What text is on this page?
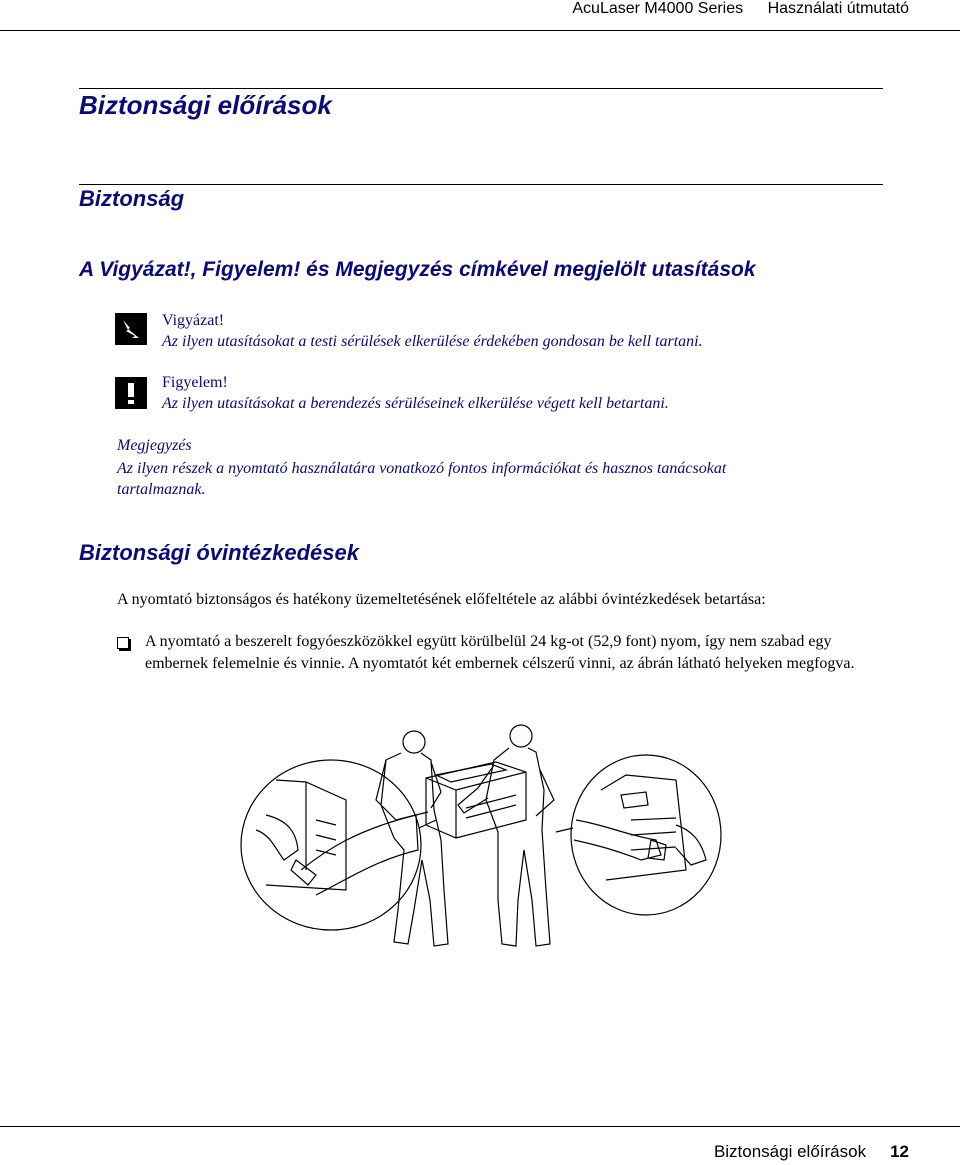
AcuLaser M4000 Series Használati útmutató
Biztonsági előírások
Biztonság
A Vigyázat!, Figyelem! és Megjegyzés címkével megjelölt utasítások
Vigyázat!
Az ilyen utasításokat a testi sérülések elkerülése érdekében gondosan be kell tartani.
Figyelem!
Az ilyen utasításokat a berendezés sérüléseinek elkerülése végett kell betartani.
Megjegyzés
Az ilyen részek a nyomtató használatára vonatkozó fontos információkat és hasznos tanácsokat tartalmaznak.
Biztonsági óvintézkedések
A nyomtató biztonságos és hatékony üzemeltetésének előfeltétele az alábbi óvintézkedések betartása:
A nyomtató a beszerelt fogyóeszközökkel együtt körülbelül 24 kg-ot (52,9 font) nyom, így nem szabad egy embernek felemelnie és vinnie. A nyomtatót két embernek célszerű vinni, az ábrán látható helyeken megfogva.
Biztonsági előírások 12
